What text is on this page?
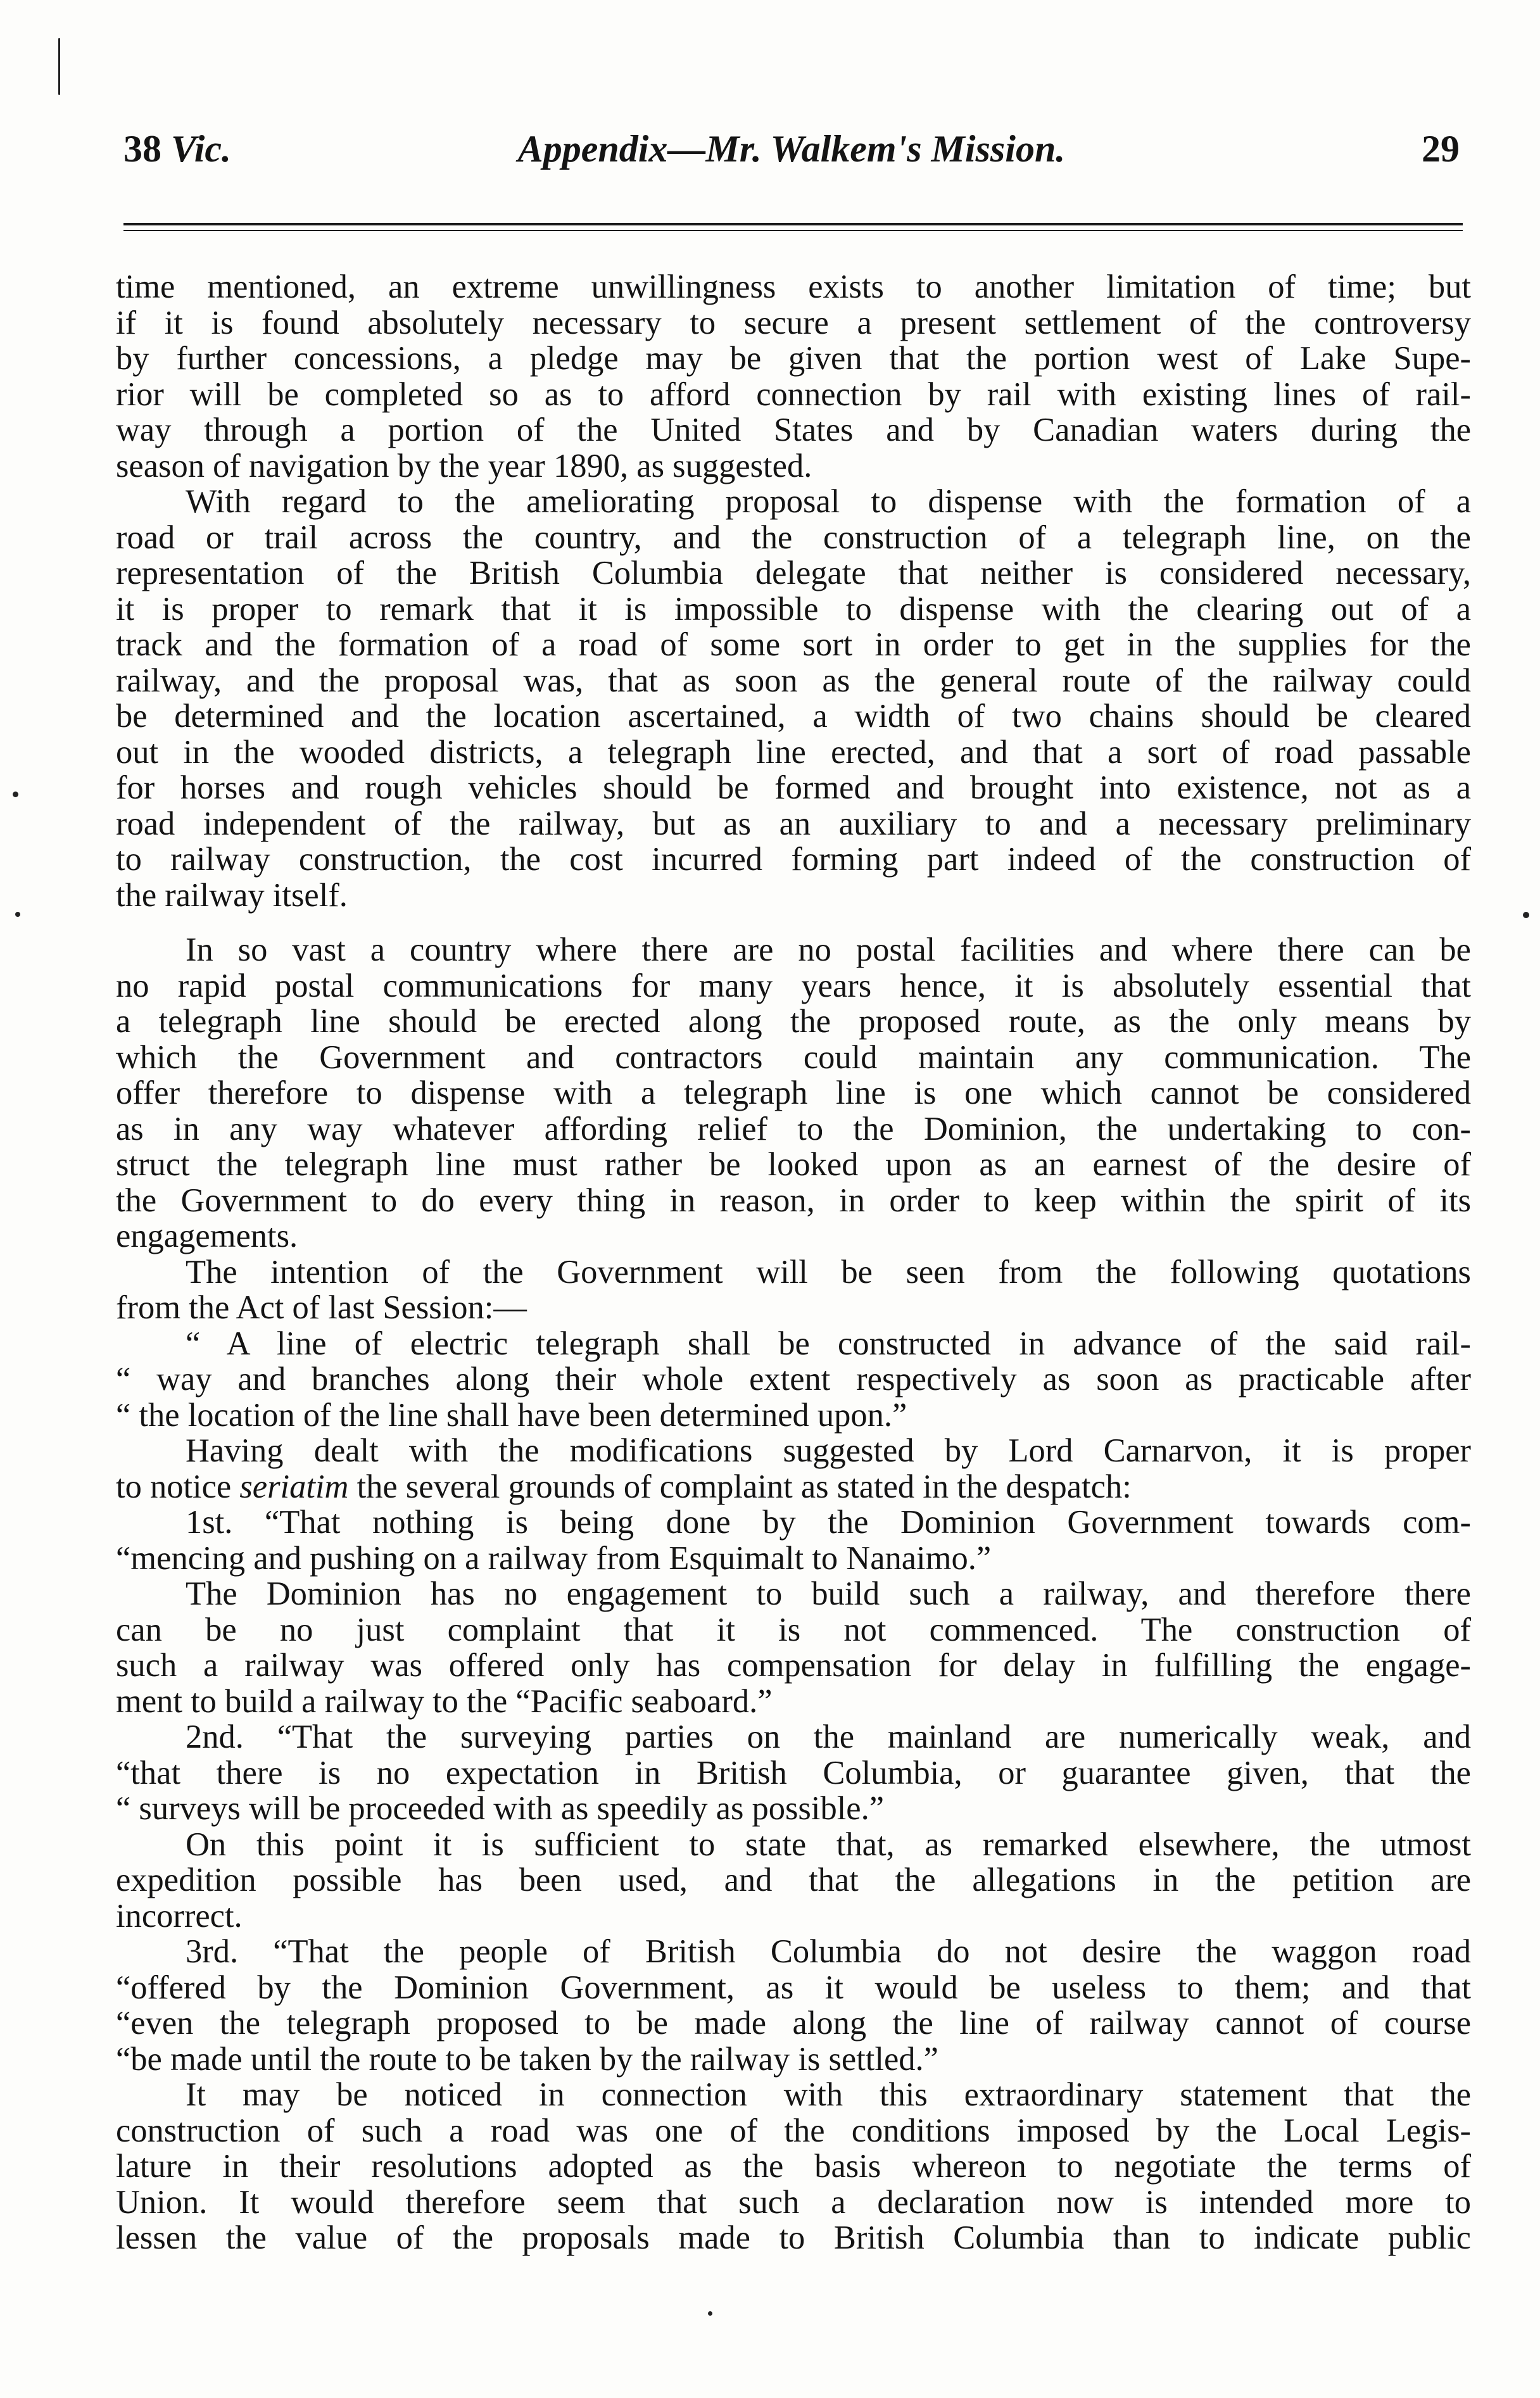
38 Vic.	Appendix—Mr. Walkem's Mission.	29
time mentioned, an extreme unwillingness exists to another limitation of time; but
if it is found absolutely necessary to secure a present settlement of the controversy
by further concessions, a pledge may be given that the portion west of Lake Supe-
rior will be completed so as to afford connection by rail with existing lines of rail-
way through a portion of the United States and by Canadian waters during the
season of navigation by the year 1890, as suggested.
With regard to the ameliorating proposal to dispense with the formation of a
road or trail across the country, and the construction of a telegraph line, on the
representation of the British Columbia delegate that neither is considered necessary,
it is proper to remark that it is impossible to dispense with the clearing out of a
track and the formation of a road of some sort in order to get in the supplies for the
railway, and the proposal was, that as soon as the general route of the railway could
be determined and the location ascertained, a width of two chains should be cleared
out in the wooded districts, a telegraph line erected, and that a sort of road passable
for horses and rough vehicles should be formed and brought into existence, not as a
road independent of the railway, but as an auxiliary to and a necessary preliminary
to railway construction, the cost incurred forming part indeed of the construction of
the railway itself.
In so vast a country where there are no postal facilities and where there can be
no rapid postal communications for many years hence, it is absolutely essential that
a telegraph line should be erected along the proposed route, as the only means by
which the Government and contractors could maintain any communication. The
offer therefore to dispense with a telegraph line is one which cannot be considered
as in any way whatever affording relief to the Dominion, the undertaking to con-
struct the telegraph line must rather be looked upon as an earnest of the desire of
the Government to do every thing in reason, in order to keep within the spirit of its
engagements.
The intention of the Government will be seen from the following quotations
from the Act of last Session:—
“ A line of electric telegraph shall be constructed in advance of the said rail-
“ way and branches along their whole extent respectively as soon as practicable after
“ the location of the line shall have been determined upon.”
Having dealt with the modifications suggested by Lord Carnarvon, it is proper
to notice seriatim the several grounds of complaint as stated in the despatch:
1st. “That nothing is being done by the Dominion Government towards com-
“mencing and pushing on a railway from Esquimalt to Nanaimo.”
The Dominion has no engagement to build such a railway, and therefore there
can be no just complaint that it is not commenced. The construction of
such a railway was offered only has compensation for delay in fulfilling the engage-
ment to build a railway to the “Pacific seaboard.”
2nd. “That the surveying parties on the mainland are numerically weak, and
“that there is no expectation in British Columbia, or guarantee given, that the
“ surveys will be proceeded with as speedily as possible.”
On this point it is sufficient to state that, as remarked elsewhere, the utmost
expedition possible has been used, and that the allegations in the petition are
incorrect.
3rd. “That the people of British Columbia do not desire the waggon road
“offered by the Dominion Government, as it would be useless to them; and that
“even the telegraph proposed to be made along the line of railway cannot of course
“be made until the route to be taken by the railway is settled.”
It may be noticed in connection with this extraordinary statement that the
construction of such a road was one of the conditions imposed by the Local Legis-
lature in their resolutions adopted as the basis whereon to negotiate the terms of
Union. It would therefore seem that such a declaration now is intended more to
lessen the value of the proposals made to British Columbia than to indicate public
